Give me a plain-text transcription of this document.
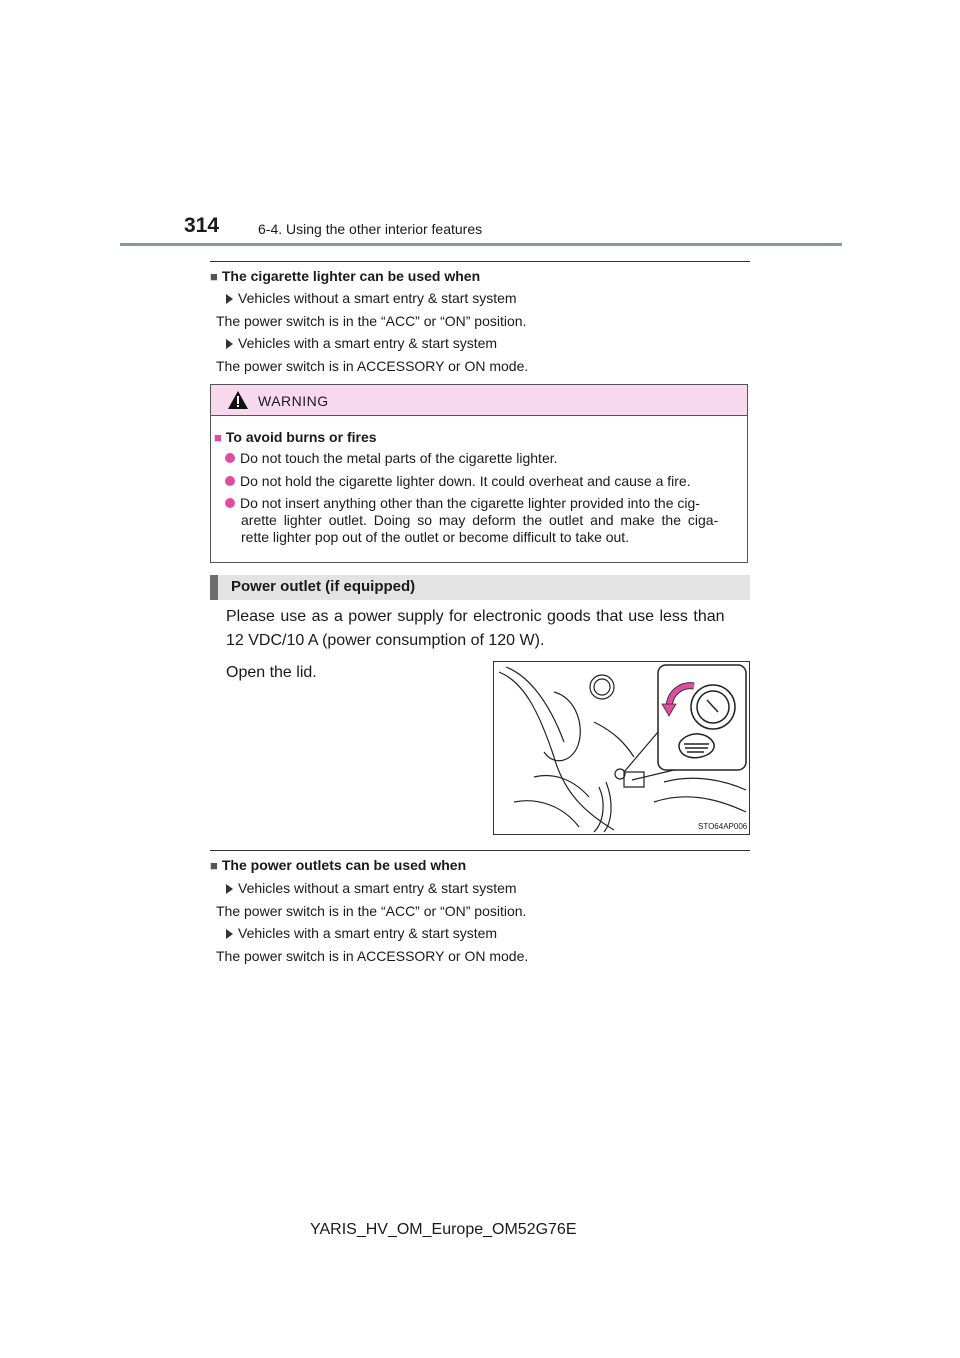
314	6-4. Using the other interior features
■ The cigarette lighter can be used when
Vehicles without a smart entry & start system
The power switch is in the “ACC” or “ON” position.
Vehicles with a smart entry & start system
The power switch is in ACCESSORY or ON mode.
WARNING
■ To avoid burns or fires
Do not touch the metal parts of the cigarette lighter.
Do not hold the cigarette lighter down. It could overheat and cause a fire.
Do not insert anything other than the cigarette lighter provided into the cig-
arette lighter outlet. Doing so may deform the outlet and make the ciga-
rette lighter pop out of the outlet or become difficult to take out.
Power outlet (if equipped)
Please use as a power supply for electronic goods that use less than
12 VDC/10 A (power consumption of 120 W).
Open the lid.
STO64AP006
■ The power outlets can be used when
Vehicles without a smart entry & start system
The power switch is in the “ACC” or “ON” position.
Vehicles with a smart entry & start system
The power switch is in ACCESSORY or ON mode.
YARIS_HV_OM_Europe_OM52G76E
